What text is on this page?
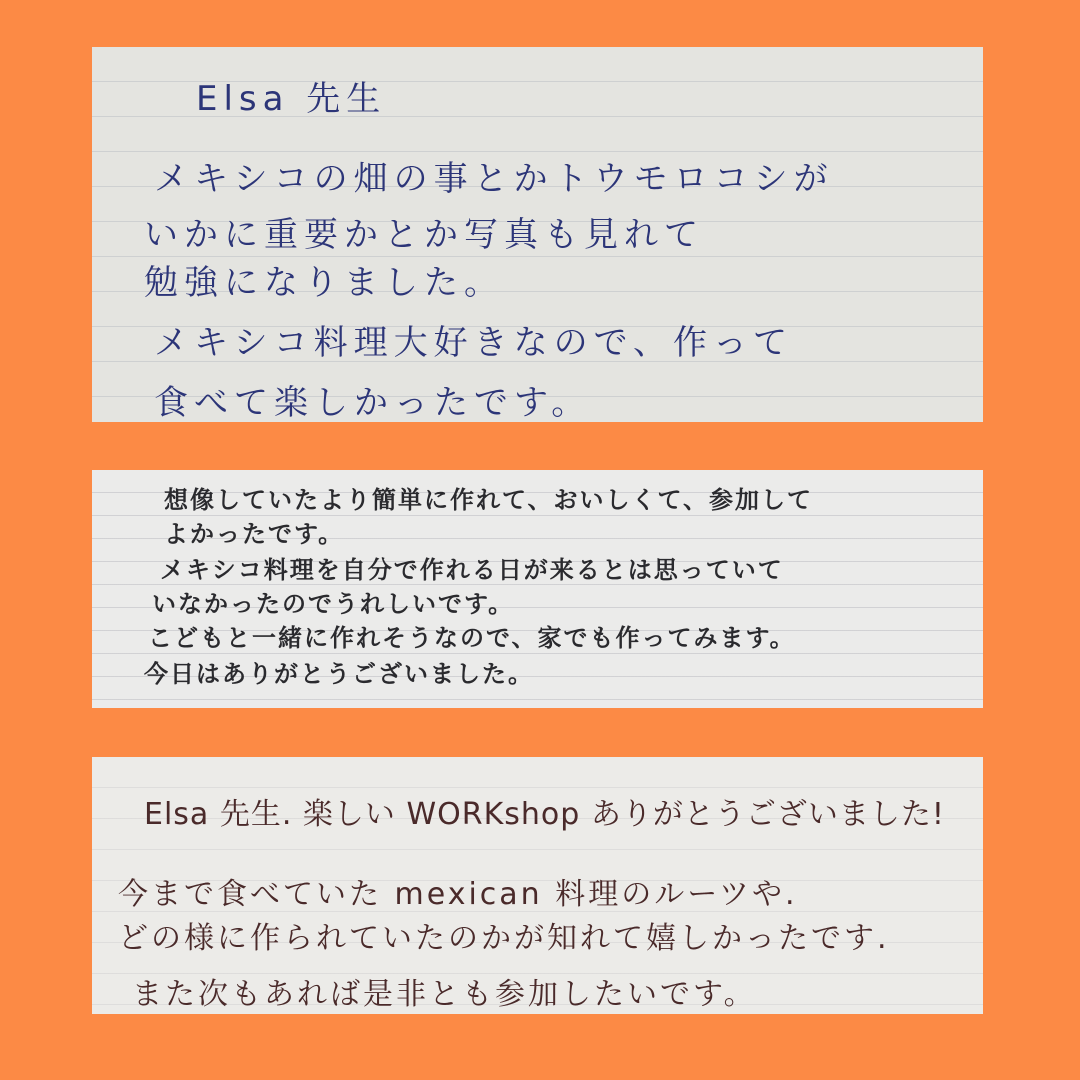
Elsa 先生
メキシコの畑の事とかトウモロコシが
いかに重要かとか写真も見れて
勉強になりました。
メキシコ料理大好きなので、作って
食べて楽しかったです。
想像していたより簡単に作れて、おいしくて、参加して
よかったです。
メキシコ料理を自分で作れる日が来るとは思っていて
いなかったのでうれしいです。
こどもと一緒に作れそうなので、家でも作ってみます。
今日はありがとうございました。
Elsa 先生. 楽しい WORKshop ありがとうございました!
今まで食べていた mexican 料理のルーツや.
どの様に作られていたのかが知れて嬉しかったです.
また次もあれば是非とも参加したいです。
